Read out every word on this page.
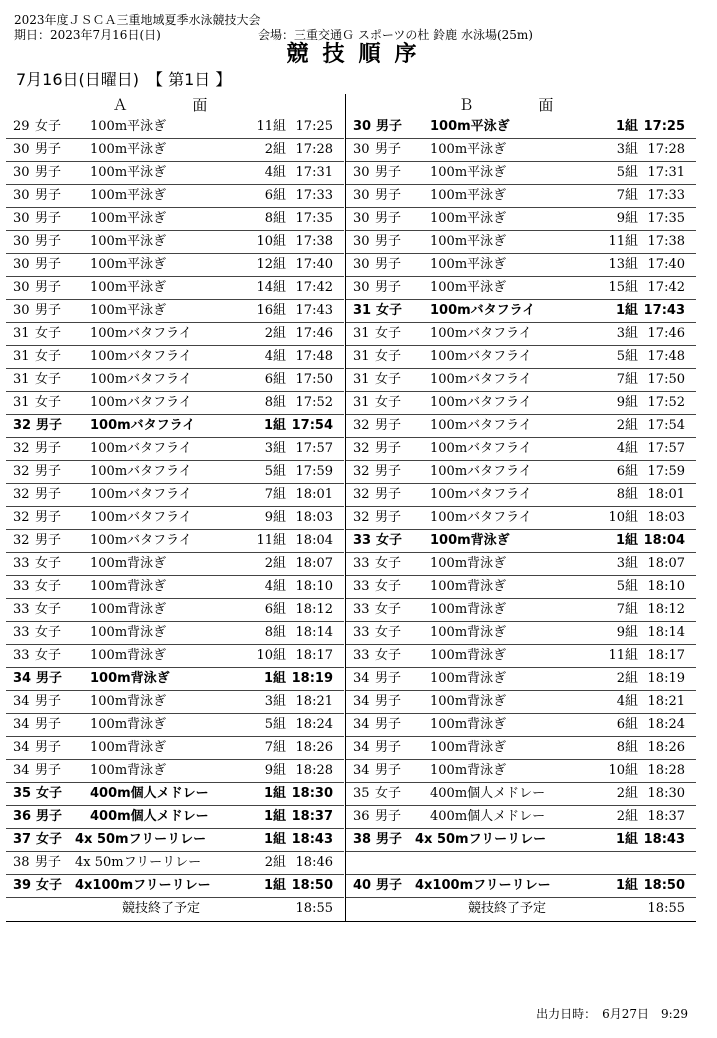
2023年度ＪＳＣＡ三重地域夏季水泳競技大会
期日：2023年7月16日(日)	会場：三重交通Ｇ スポーツの杜 鈴鹿 水泳場(25m)
競技順序
7月16日(日曜日)　【 第1日 】
Ａ 面	Ｂ 面
29 女子 100m平泳ぎ	11組 17:25 30 男子 100m平泳ぎ	1組 17:25
30 男子 100m平泳ぎ	2組 17:28 30 男子 100m平泳ぎ	3組 17:28
30 男子 100m平泳ぎ	4組 17:31 30 男子 100m平泳ぎ	5組 17:31
30 男子 100m平泳ぎ	6組 17:33 30 男子 100m平泳ぎ	7組 17:33
30 男子 100m平泳ぎ	8組 17:35 30 男子 100m平泳ぎ	9組 17:35
30 男子 100m平泳ぎ	10組 17:38 30 男子 100m平泳ぎ	11組 17:38
30 男子 100m平泳ぎ	12組 17:40 30 男子 100m平泳ぎ	13組 17:40
30 男子 100m平泳ぎ	14組 17:42 30 男子 100m平泳ぎ	15組 17:42
30 男子 100m平泳ぎ	16組 17:43 31 女子 100mバタフライ	1組 17:43
31 女子 100mバタフライ	2組 17:46 31 女子 100mバタフライ	3組 17:46
31 女子 100mバタフライ	4組 17:48 31 女子 100mバタフライ	5組 17:48
31 女子 100mバタフライ	6組 17:50 31 女子 100mバタフライ	7組 17:50
31 女子 100mバタフライ	8組 17:52 31 女子 100mバタフライ	9組 17:52
32 男子 100mバタフライ	1組 17:54 32 男子 100mバタフライ	2組 17:54
32 男子 100mバタフライ	3組 17:57 32 男子 100mバタフライ	4組 17:57
32 男子 100mバタフライ	5組 17:59 32 男子 100mバタフライ	6組 17:59
32 男子 100mバタフライ	7組 18:01 32 男子 100mバタフライ	8組 18:01
32 男子 100mバタフライ	9組 18:03 32 男子 100mバタフライ	10組 18:03
32 男子 100mバタフライ	11組 18:04 33 女子 100m背泳ぎ	1組 18:04
33 女子 100m背泳ぎ	2組 18:07 33 女子 100m背泳ぎ	3組 18:07
33 女子 100m背泳ぎ	4組 18:10 33 女子 100m背泳ぎ	5組 18:10
33 女子 100m背泳ぎ	6組 18:12 33 女子 100m背泳ぎ	7組 18:12
33 女子 100m背泳ぎ	8組 18:14 33 女子 100m背泳ぎ	9組 18:14
33 女子 100m背泳ぎ	10組 18:17 33 女子 100m背泳ぎ	11組 18:17
34 男子 100m背泳ぎ	1組 18:19 34 男子 100m背泳ぎ	2組 18:19
34 男子 100m背泳ぎ	3組 18:21 34 男子 100m背泳ぎ	4組 18:21
34 男子 100m背泳ぎ	5組 18:24 34 男子 100m背泳ぎ	6組 18:24
34 男子 100m背泳ぎ	7組 18:26 34 男子 100m背泳ぎ	8組 18:26
34 男子 100m背泳ぎ	9組 18:28 34 男子 100m背泳ぎ	10組 18:28
35 女子 400m個人メドレー	1組 18:30 35 女子 400m個人メドレー	2組 18:30
36 男子 400m個人メドレー	1組 18:37 36 男子 400m個人メドレー	2組 18:37
37 女子 4x 50mフリーリレー	1組 18:43 38 男子 4x 50mフリーリレー	1組 18:43
38 男子 4x 50mフリーリレー	2組 18:46
39 女子 4x100mフリーリレー	1組 18:50 40 男子 4x100mフリーリレー	1組 18:50
競技終了予定	18:55	競技終了予定	18:55
出力日時：　6月27日　9:29
